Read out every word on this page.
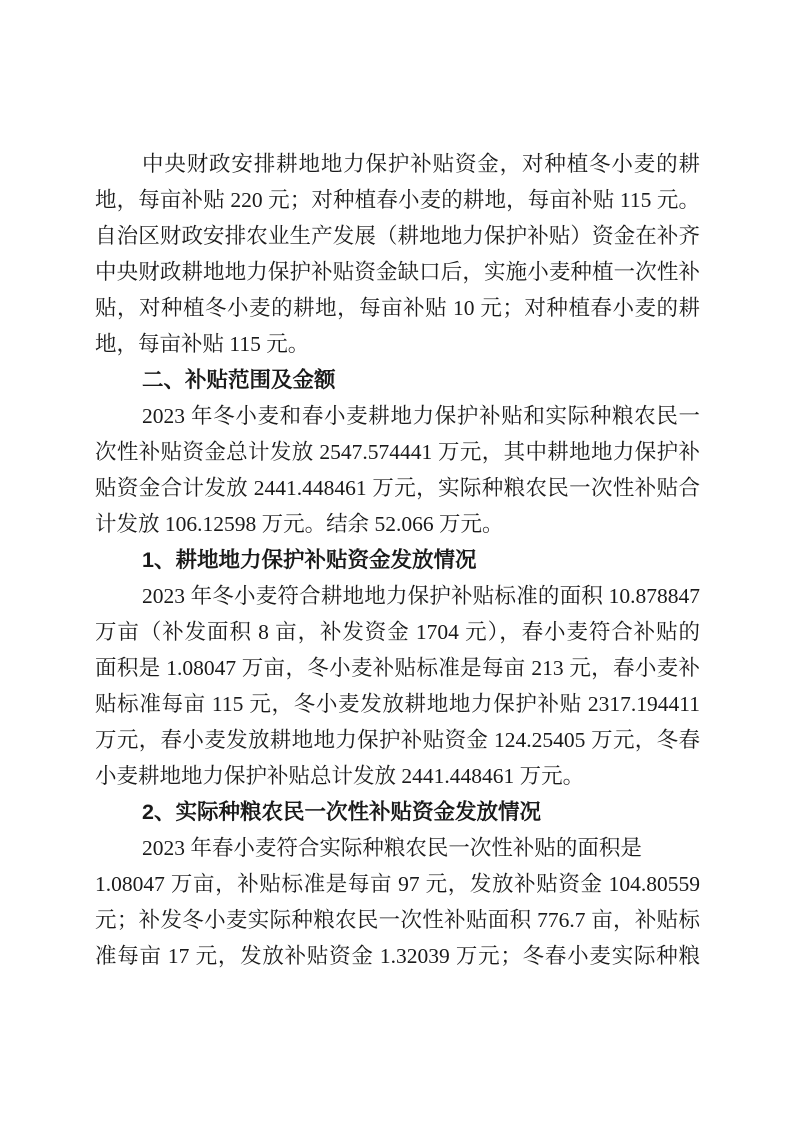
中央财政安排耕地地力保护补贴资金，对种植冬小麦的耕
地，每亩补贴 220 元；对种植春小麦的耕地，每亩补贴 115 元。
自治区财政安排农业生产发展（耕地地力保护补贴）资金在补齐
中央财政耕地地力保护补贴资金缺口后，实施小麦种植一次性补
贴，对种植冬小麦的耕地，每亩补贴 10 元；对种植春小麦的耕
地，每亩补贴 115 元。

二、补贴范围及金额

2023 年冬小麦和春小麦耕地力保护补贴和实际种粮农民一
次性补贴资金总计发放 2547.574441 万元，其中耕地地力保护补
贴资金合计发放 2441.448461 万元，实际种粮农民一次性补贴合
计发放 106.12598 万元。结余 52.066 万元。

1、耕地地力保护补贴资金发放情况

2023 年冬小麦符合耕地地力保护补贴标准的面积 10.878847
万亩（补发面积 8 亩，补发资金 1704 元），春小麦符合补贴的
面积是 1.08047 万亩，冬小麦补贴标准是每亩 213 元，春小麦补
贴标准每亩 115 元，冬小麦发放耕地地力保护补贴 2317.194411
万元，春小麦发放耕地地力保护补贴资金 124.25405 万元，冬春
小麦耕地地力保护补贴总计发放 2441.448461 万元。

2、实际种粮农民一次性补贴资金发放情况

2023 年春小麦符合实际种粮农民一次性补贴的面积是
1.08047 万亩，补贴标准是每亩 97 元，发放补贴资金 104.80559
元；补发冬小麦实际种粮农民一次性补贴面积 776.7 亩，补贴标
准每亩 17 元，发放补贴资金 1.32039 万元；冬春小麦实际种粮
